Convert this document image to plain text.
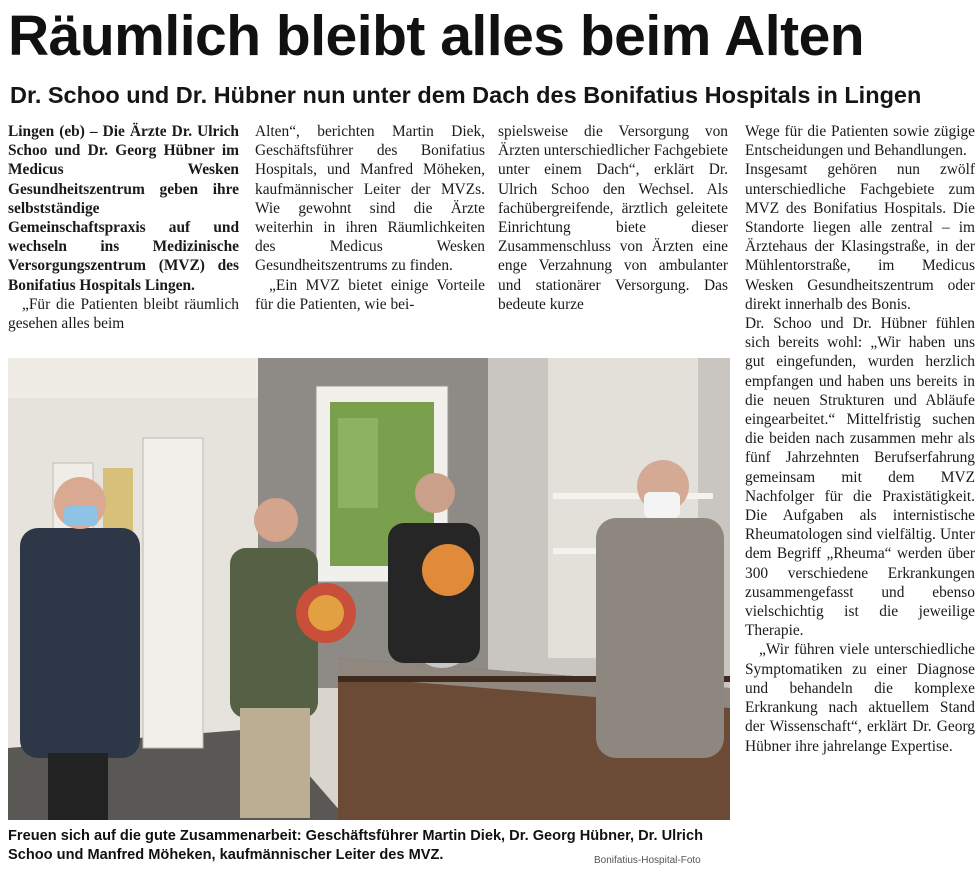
Räumlich bleibt alles beim Alten
Dr. Schoo und Dr. Hübner nun unter dem Dach des Bonifatius Hospitals in Lingen

Lingen (eb) – Die Ärzte Dr. Ulrich Schoo und Dr. Georg Hübner im Medicus Wesken Gesundheitszentrum geben ihre selbstständige Gemeinschaftspraxis auf und wechseln ins Medizinische Versorgungszentrum (MVZ) des Bonifatius Hospitals Lingen.

„Für die Patienten bleibt räumlich gesehen alles beim

Alten“, berichten Martin Diek, Geschäftsführer des Bonifatius Hospitals, und Manfred Möheken, kaufmännischer Leiter der MVZs. Wie gewohnt sind die Ärzte weiterhin in ihren Räumlichkeiten des Medicus Wesken Gesundheitszentrums zu finden.

„Ein MVZ bietet einige Vorteile für die Patienten, wie bei-

spielsweise die Versorgung von Ärzten unterschiedlicher Fachgebiete unter einem Dach“, erklärt Dr. Ulrich Schoo den Wechsel. Als fachübergreifende, ärztlich geleitete Einrichtung biete dieser Zusammenschluss von Ärzten eine enge Verzahnung von ambulanter und stationärer Versorgung. Das bedeute kurze

Wege für die Patienten sowie zügige Entscheidungen und Behandlungen.

Insgesamt gehören nun zwölf unterschiedliche Fachgebiete zum MVZ des Bonifatius Hospitals. Die Standorte liegen alle zentral – im Ärztehaus der Klasingstraße, in der Mühlentorstraße, im Medicus Wesken Gesundheitszentrum oder direkt innerhalb des Bonis.

Dr. Schoo und Dr. Hübner fühlen sich bereits wohl: „Wir haben uns gut eingefunden, wurden herzlich empfangen und haben uns bereits in die neuen Strukturen und Abläufe eingearbeitet.“ Mittelfristig suchen die beiden nach zusammen mehr als fünf Jahrzehnten Berufserfahrung gemeinsam mit dem MVZ Nachfolger für die Praxistätigkeit. Die Aufgaben als internistische Rheumatologen sind vielfältig. Unter dem Begriff „Rheuma“ werden über 300 verschiedene Erkrankungen zusammengefasst und ebenso vielschichtig ist die jeweilige Therapie.

„Wir führen viele unterschiedliche Symptomatiken zu einer Diagnose und behandeln die komplexe Erkrankung nach aktuellem Stand der Wissenschaft“, erklärt Dr. Georg Hübner ihre jahrelange Expertise.

Freuen sich auf die gute Zusammenarbeit: Geschäftsführer Martin Diek, Dr. Georg Hübner, Dr. Ulrich Schoo und Manfred Möheken, kaufmännischer Leiter des MVZ.	Bonifatius-Hospital-Foto
